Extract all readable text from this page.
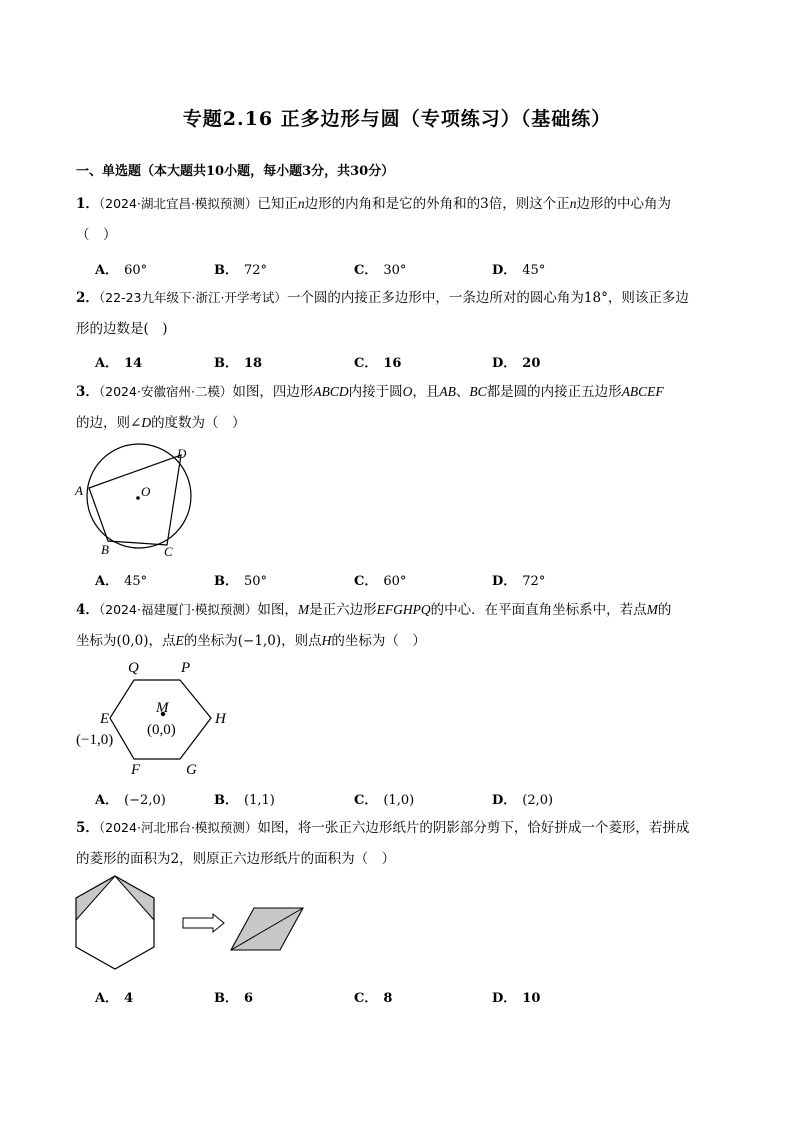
专题2.16 正多边形与圆（专项练习）（基础练）
一、单选题（本大题共10小题，每小题3分，共30分）
1．（2024·湖北宜昌·模拟预测）已知正n边形的内角和是它的外角和的3倍，则这个正n边形的中心角为
（　）
A． 60°	B． 72°	C． 30°	D． 45°
2．（22-23九年级下·浙江·开学考试）一个圆的内接正多边形中，一条边所对的圆心角为18°，则该正多边
形的边数是(　)
A． 14	B． 18	C． 16	D． 20
3．（2024·安徽宿州·二模）如图，四边形ABCD内接于圆O，且AB、BC都是圆的内接正五边形ABCEF
的边，则∠D的度数为（　）
O
A
B	C
D
A． 45°	B． 50°	C． 60°	D． 72°
4．（2024·福建厦门·模拟预测）如图，M是正六边形EFGHPQ的中心．在平面直角坐标系中，若点M的
坐标为(0,0)，点E的坐标为(−1,0)，则点H的坐标为（　）
Q	P
M
(0,0)
E
(−1,0)
H
F	G
A． (−2,0)	B． (1,1)	C． (1,0)	D． (2,0)
5．（2024·河北邢台·模拟预测）如图，将一张正六边形纸片的阴影部分剪下，恰好拼成一个菱形，若拼成
的菱形的面积为2，则原正六边形纸片的面积为（　）
A． 4	B． 6	C． 8	D． 10
